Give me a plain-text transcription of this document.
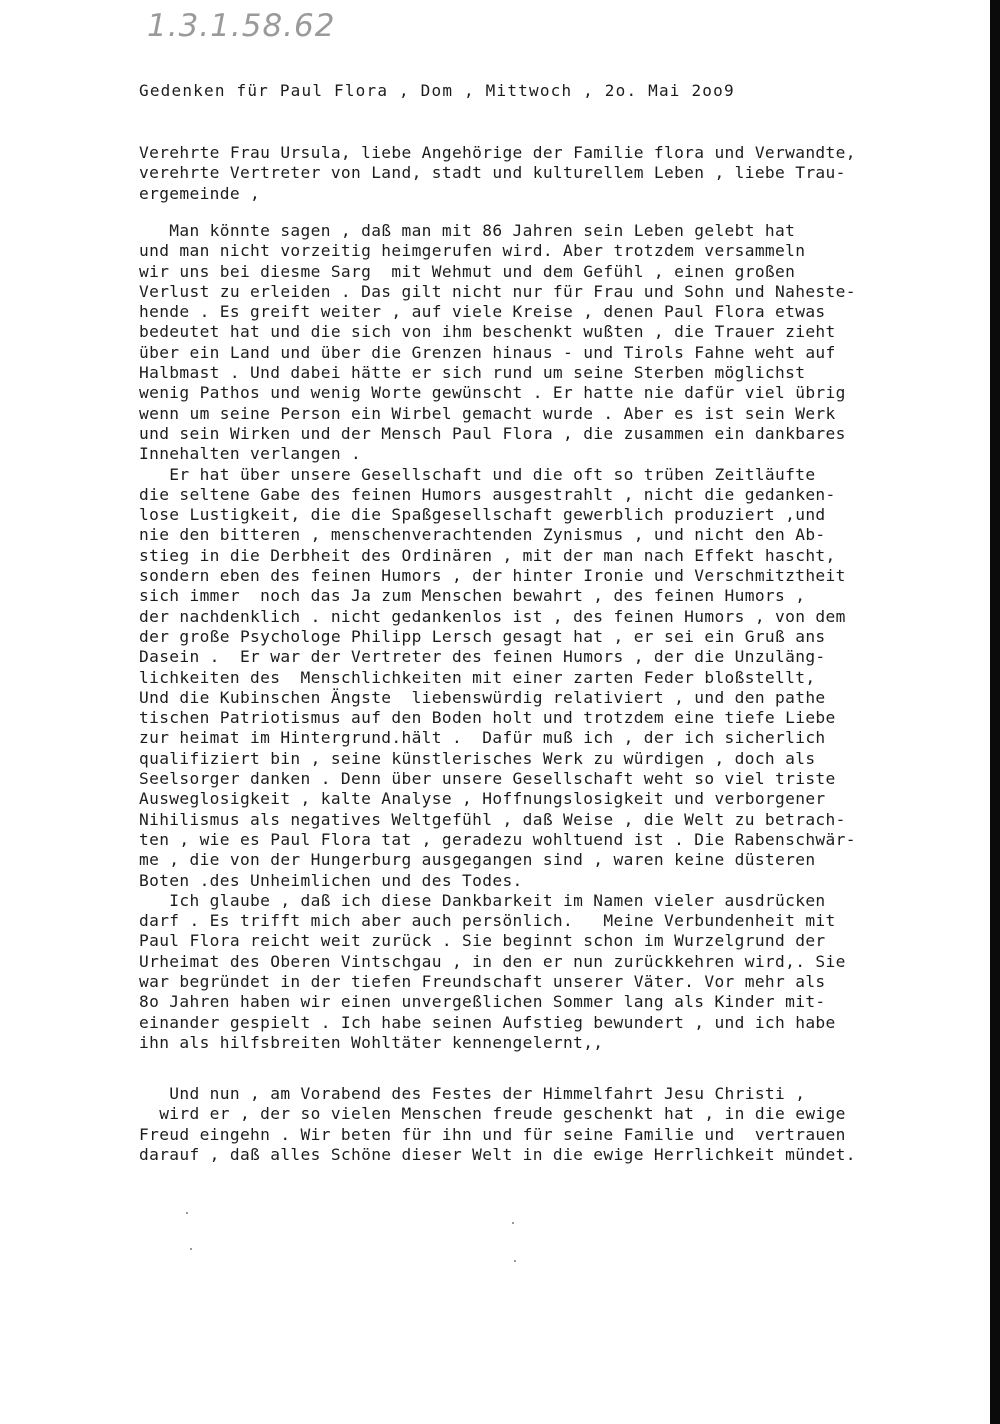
1.3.1.58.62
Gedenken für Paul Flora , Dom , Mittwoch , 2o. Mai 2oo9
Verehrte Frau Ursula, liebe Angehörige der Familie flora und Verwandte,
verehrte Vertreter von Land, stadt und kulturellem Leben , liebe Trau-
ergemeinde ,
Man könnte sagen , daß man mit 86 Jahren sein Leben gelebt hat
und man nicht vorzeitig heimgerufen wird. Aber trotzdem versammeln
wir uns bei diesme Sarg  mit Wehmut und dem Gefühl , einen großen
Verlust zu erleiden . Das gilt nicht nur für Frau und Sohn und Naheste-
hende . Es greift weiter , auf viele Kreise , denen Paul Flora etwas
bedeutet hat und die sich von ihm beschenkt wußten , die Trauer zieht
über ein Land und über die Grenzen hinaus - und Tirols Fahne weht auf
Halbmast . Und dabei hätte er sich rund um seine Sterben möglichst
wenig Pathos und wenig Worte gewünscht . Er hatte nie dafür viel übrig
wenn um seine Person ein Wirbel gemacht wurde . Aber es ist sein Werk
und sein Wirken und der Mensch Paul Flora , die zusammen ein dankbares
Innehalten verlangen .
Er hat über unsere Gesellschaft und die oft so trüben Zeitläufte
die seltene Gabe des feinen Humors ausgestrahlt , nicht die gedanken-
lose Lustigkeit, die die Spaßgesellschaft gewerblich produziert ,und
nie den bitteren , menschenverachtenden Zynismus , und nicht den Ab-
stieg in die Derbheit des Ordinären , mit der man nach Effekt hascht,
sondern eben des feinen Humors , der hinter Ironie und Verschmitztheit
sich immer  noch das Ja zum Menschen bewahrt , des feinen Humors ,
der nachdenklich . nicht gedankenlos ist , des feinen Humors , von dem
der große Psychologe Philipp Lersch gesagt hat , er sei ein Gruß ans
Dasein .  Er war der Vertreter des feinen Humors , der die Unzuläng-
lichkeiten des  Menschlichkeiten mit einer zarten Feder bloßstellt,
Und die Kubinschen Ängste  liebenswürdig relativiert , und den pathe
tischen Patriotismus auf den Boden holt und trotzdem eine tiefe Liebe
zur heimat im Hintergrund.hält .  Dafür muß ich , der ich sicherlich
qualifiziert bin , seine künstlerisches Werk zu würdigen , doch als
Seelsorger danken . Denn über unsere Gesellschaft weht so viel triste
Ausweglosigkeit , kalte Analyse , Hoffnungslosigkeit und verborgener
Nihilismus als negatives Weltgefühl , daß Weise , die Welt zu betrach-
ten , wie es Paul Flora tat , geradezu wohltuend ist . Die Rabenschwär-
me , die von der Hungerburg ausgegangen sind , waren keine düsteren
Boten .des Unheimlichen und des Todes.
Ich glaube , daß ich diese Dankbarkeit im Namen vieler ausdrücken
darf . Es trifft mich aber auch persönlich.   Meine Verbundenheit mit
Paul Flora reicht weit zurück . Sie beginnt schon im Wurzelgrund der
Urheimat des Oberen Vintschgau , in den er nun zurückkehren wird,. Sie
war begründet in der tiefen Freundschaft unserer Väter. Vor mehr als
8o Jahren haben wir einen unvergeßlichen Sommer lang als Kinder mit-
einander gespielt . Ich habe seinen Aufstieg bewundert , und ich habe
ihn als hilfsbreiten Wohltäter kennengelernt,,
Und nun , am Vorabend des Festes der Himmelfahrt Jesu Christi ,
wird er , der so vielen Menschen freude geschenkt hat , in die ewige
Freud eingehn . Wir beten für ihn und für seine Familie und  vertrauen
darauf , daß alles Schöne dieser Welt in die ewige Herrlichkeit mündet.
